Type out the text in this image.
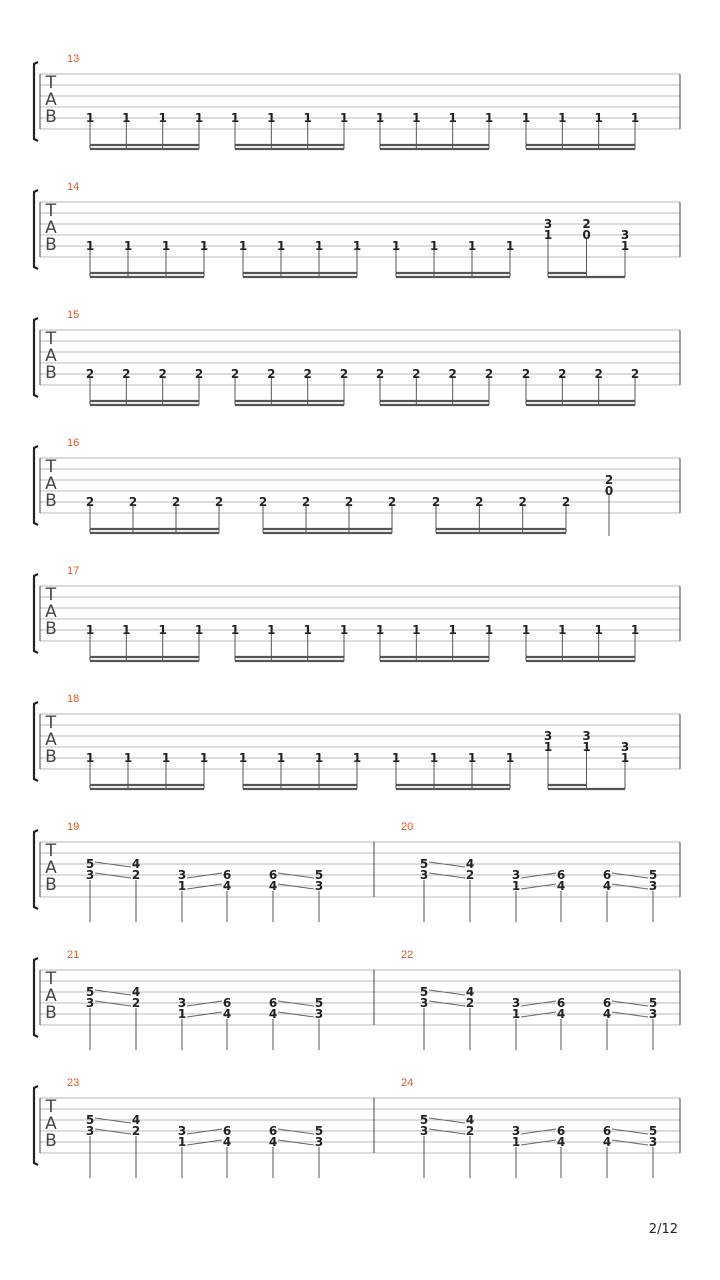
T
A
B
13
1 1 1 1 1 1 1 1 1 1 1 1 1 1 1 1
T
A
B
14
1 1 1 1	1 1 1 1	1 1 1 1
3
1
2
0	3
1
T
A
B
15
2 2 2 2 2 2 2 2 2 2 2 2 2 2 2 2
T
A
B
16
2	2	2	2	2	2	2	2	2	2	2	2
2
0
T
A
B
17
1 1 1 1 1 1 1 1 1 1 1 1 1 1 1 1
T
A
B
18
1 1 1 1	1 1 1 1	1 1 1 1
3
1
3
1	3
1
T
A
B
19
5
3
4
2	3
1
6
4
6
4
5
3
20
5
3
4
2	3
1
6
4
6
4
5
3
T
A
B
21
5
3
4
2	3
1
6
4
6
4
5
3
22
5
3
4
2	3
1
6
4
6
4
5
3
T
A
B
23
5
3
4
2	3
1
6
4
6
4
5
3
24
5
3
4
2	3
1
6
4
6
4
5
3
2/12
